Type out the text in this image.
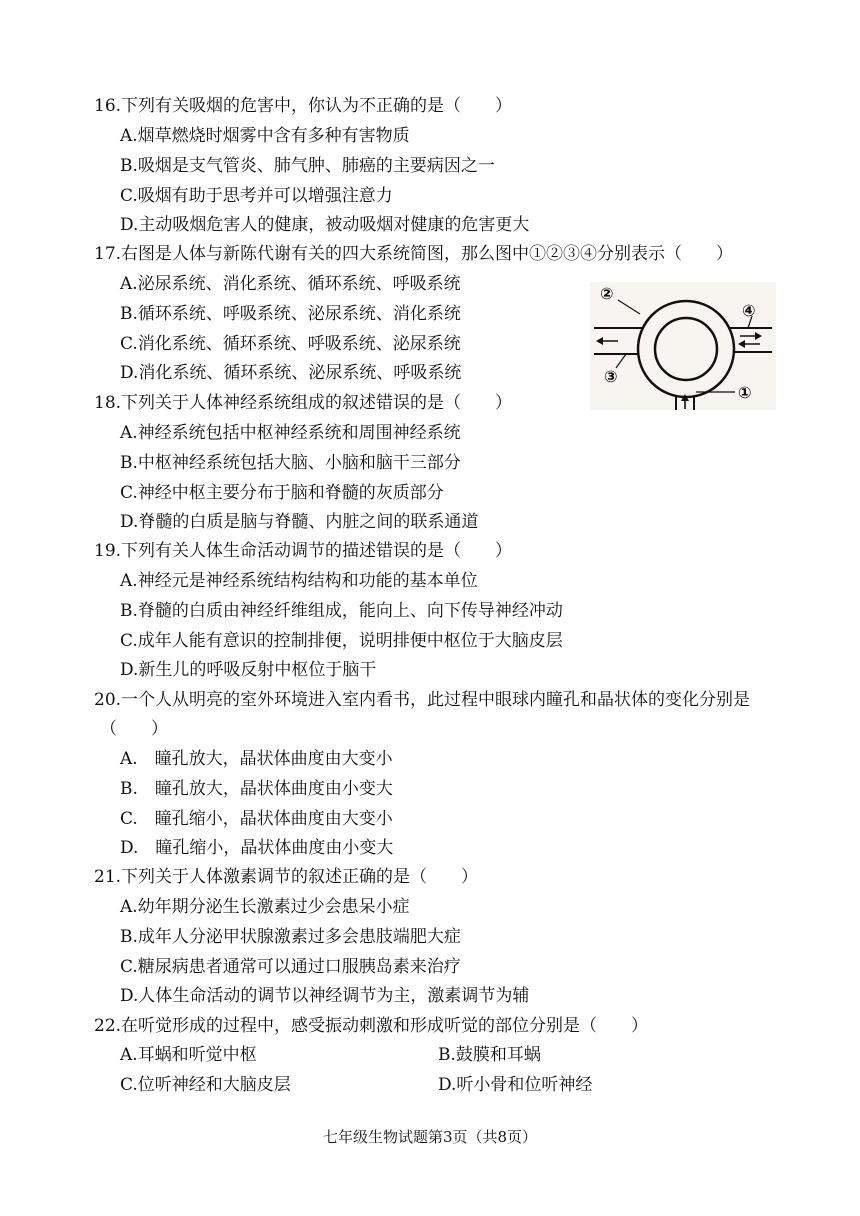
16.下列有关吸烟的危害中，你认为不正确的是（　　）
A.烟草燃烧时烟雾中含有多种有害物质
B.吸烟是支气管炎、肺气肿、肺癌的主要病因之一
C.吸烟有助于思考并可以增强注意力
D.主动吸烟危害人的健康，被动吸烟对健康的危害更大
17.右图是人体与新陈代谢有关的四大系统简图，那么图中①②③④分别表示（　　）
A.泌尿系统、消化系统、循环系统、呼吸系统
B.循环系统、呼吸系统、泌尿系统、消化系统
C.消化系统、循环系统、呼吸系统、泌尿系统
D.消化系统、循环系统、泌尿系统、呼吸系统
②
③
④
①
18.下列关于人体神经系统组成的叙述错误的是（　　）
A.神经系统包括中枢神经系统和周围神经系统
B.中枢神经系统包括大脑、小脑和脑干三部分
C.神经中枢主要分布于脑和脊髓的灰质部分
D.脊髓的白质是脑与脊髓、内脏之间的联系通道
19.下列有关人体生命活动调节的描述错误的是（　　）
A.神经元是神经系统结构结构和功能的基本单位
B.脊髓的白质由神经纤维组成，能向上、向下传导神经冲动
C.成年人能有意识的控制排便，说明排便中枢位于大脑皮层
D.新生儿的呼吸反射中枢位于脑干
20.一个人从明亮的室外环境进入室内看书，此过程中眼球内瞳孔和晶状体的变化分别是
（　　）
A.　瞳孔放大，晶状体曲度由大变小
B.　瞳孔放大，晶状体曲度由小变大
C.　瞳孔缩小，晶状体曲度由大变小
D.　瞳孔缩小，晶状体曲度由小变大
21.下列关于人体激素调节的叙述正确的是（　　）
A.幼年期分泌生长激素过少会患呆小症
B.成年人分泌甲状腺激素过多会患肢端肥大症
C.糖尿病患者通常可以通过口服胰岛素来治疗
D.人体生命活动的调节以神经调节为主，激素调节为辅
22.在听觉形成的过程中，感受振动刺激和形成听觉的部位分别是（　　）
A.耳蜗和听觉中枢	B.鼓膜和耳蜗
C.位听神经和大脑皮层	D.听小骨和位听神经
七年级生物试题第3页（共8页）
